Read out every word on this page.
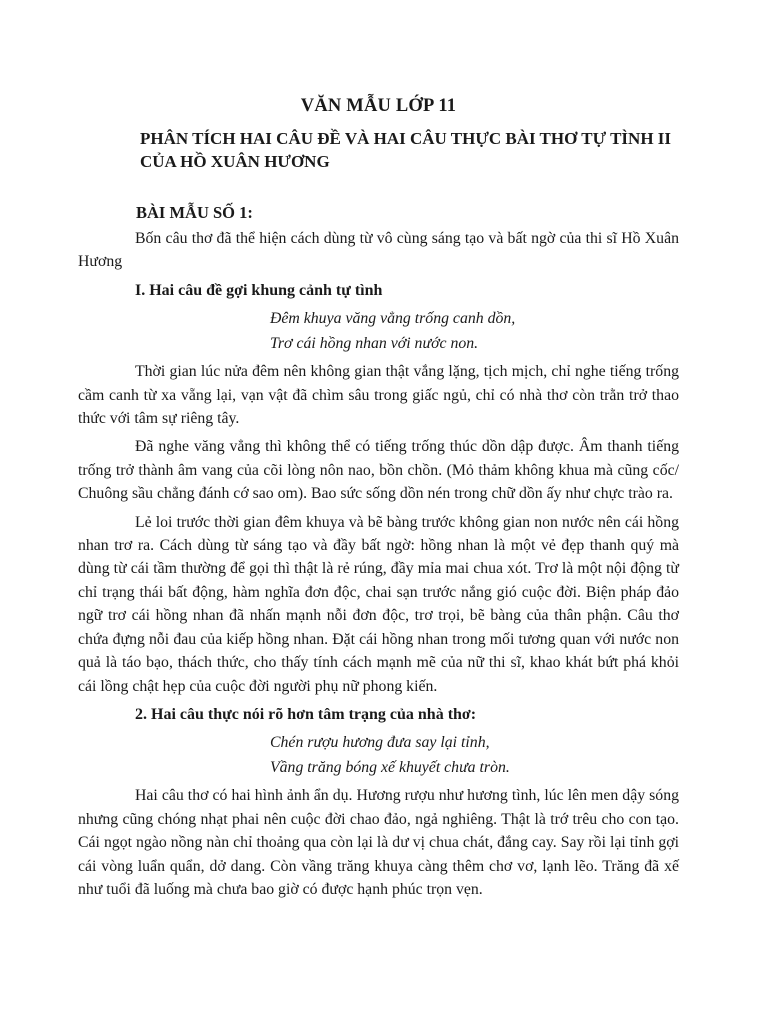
VĂN MẪU LỚP 11
PHÂN TÍCH HAI CÂU ĐỀ VÀ HAI CÂU THỰC BÀI THƠ TỰ TÌNH II CỦA HỒ XUÂN HƯƠNG
BÀI MẪU SỐ 1:

Bốn câu thơ đã thể hiện cách dùng từ vô cùng sáng tạo và bất ngờ của thi sĩ Hồ Xuân Hương

I. Hai câu đề gợi khung cảnh tự tình
Đêm khuya văng vẳng trống canh dồn,
Trơ cái hồng nhan với nước non.

Thời gian lúc nửa đêm nên không gian thật vắng lặng, tịch mịch, chỉ nghe tiếng trống cầm canh từ xa vẵng lại, vạn vật đã chìm sâu trong giấc ngủ, chỉ có nhà thơ còn trằn trở thao thức với tâm sự riêng tây.

Đã nghe văng vẳng thì không thể có tiếng trống thúc dồn dập được. Âm thanh tiếng trống trở thành âm vang của cõi lòng nôn nao, bồn chồn. (Mỏ thảm không khua mà cũng cốc/ Chuông sầu chẳng đánh cớ sao om). Bao sức sống dồn nén trong chữ dồn ấy như chực trào ra.

Lẻ loi trước thời gian đêm khuya và bẽ bàng trước không gian non nước nên cái hồng nhan trơ ra. Cách dùng từ sáng tạo và đầy bất ngờ: hồng nhan là một vẻ đẹp thanh quý mà dùng từ cái tầm thường để gọi thì thật là rẻ rúng, đầy mỉa mai chua xót. Trơ là một nội động từ chỉ trạng thái bất động, hàm nghĩa đơn độc, chai sạn trước nắng gió cuộc đời. Biện pháp đảo ngữ trơ cái hồng nhan đã nhấn mạnh nỗi đơn độc, trơ trọi, bẽ bàng của thân phận. Câu thơ chứa đựng nỗi đau của kiếp hồng nhan. Đặt cái hồng nhan trong mối tương quan với nước non quả là táo bạo, thách thức, cho thấy tính cách mạnh mẽ của nữ thi sĩ, khao khát bứt phá khỏi cái lồng chật hẹp của cuộc đời người phụ nữ phong kiến.

2. Hai câu thực nói rõ hơn tâm trạng của nhà thơ:
Chén rượu hương đưa say lại tỉnh,
Vầng trăng bóng xế khuyết chưa tròn.

Hai câu thơ có hai hình ảnh ẩn dụ. Hương rượu như hương tình, lúc lên men dậy sóng nhưng cũng chóng nhạt phai nên cuộc đời chao đảo, ngả nghiêng. Thật là trớ trêu cho con tạo. Cái ngọt ngào nồng nàn chỉ thoảng qua còn lại là dư vị chua chát, đắng cay. Say rồi lại tỉnh gợi cái vòng luẩn quẩn, dở dang. Còn vầng trăng khuya càng thêm chơ vơ, lạnh lẽo. Trăng đã xế như tuổi đã luống mà chưa bao giờ có được hạnh phúc trọn vẹn.
